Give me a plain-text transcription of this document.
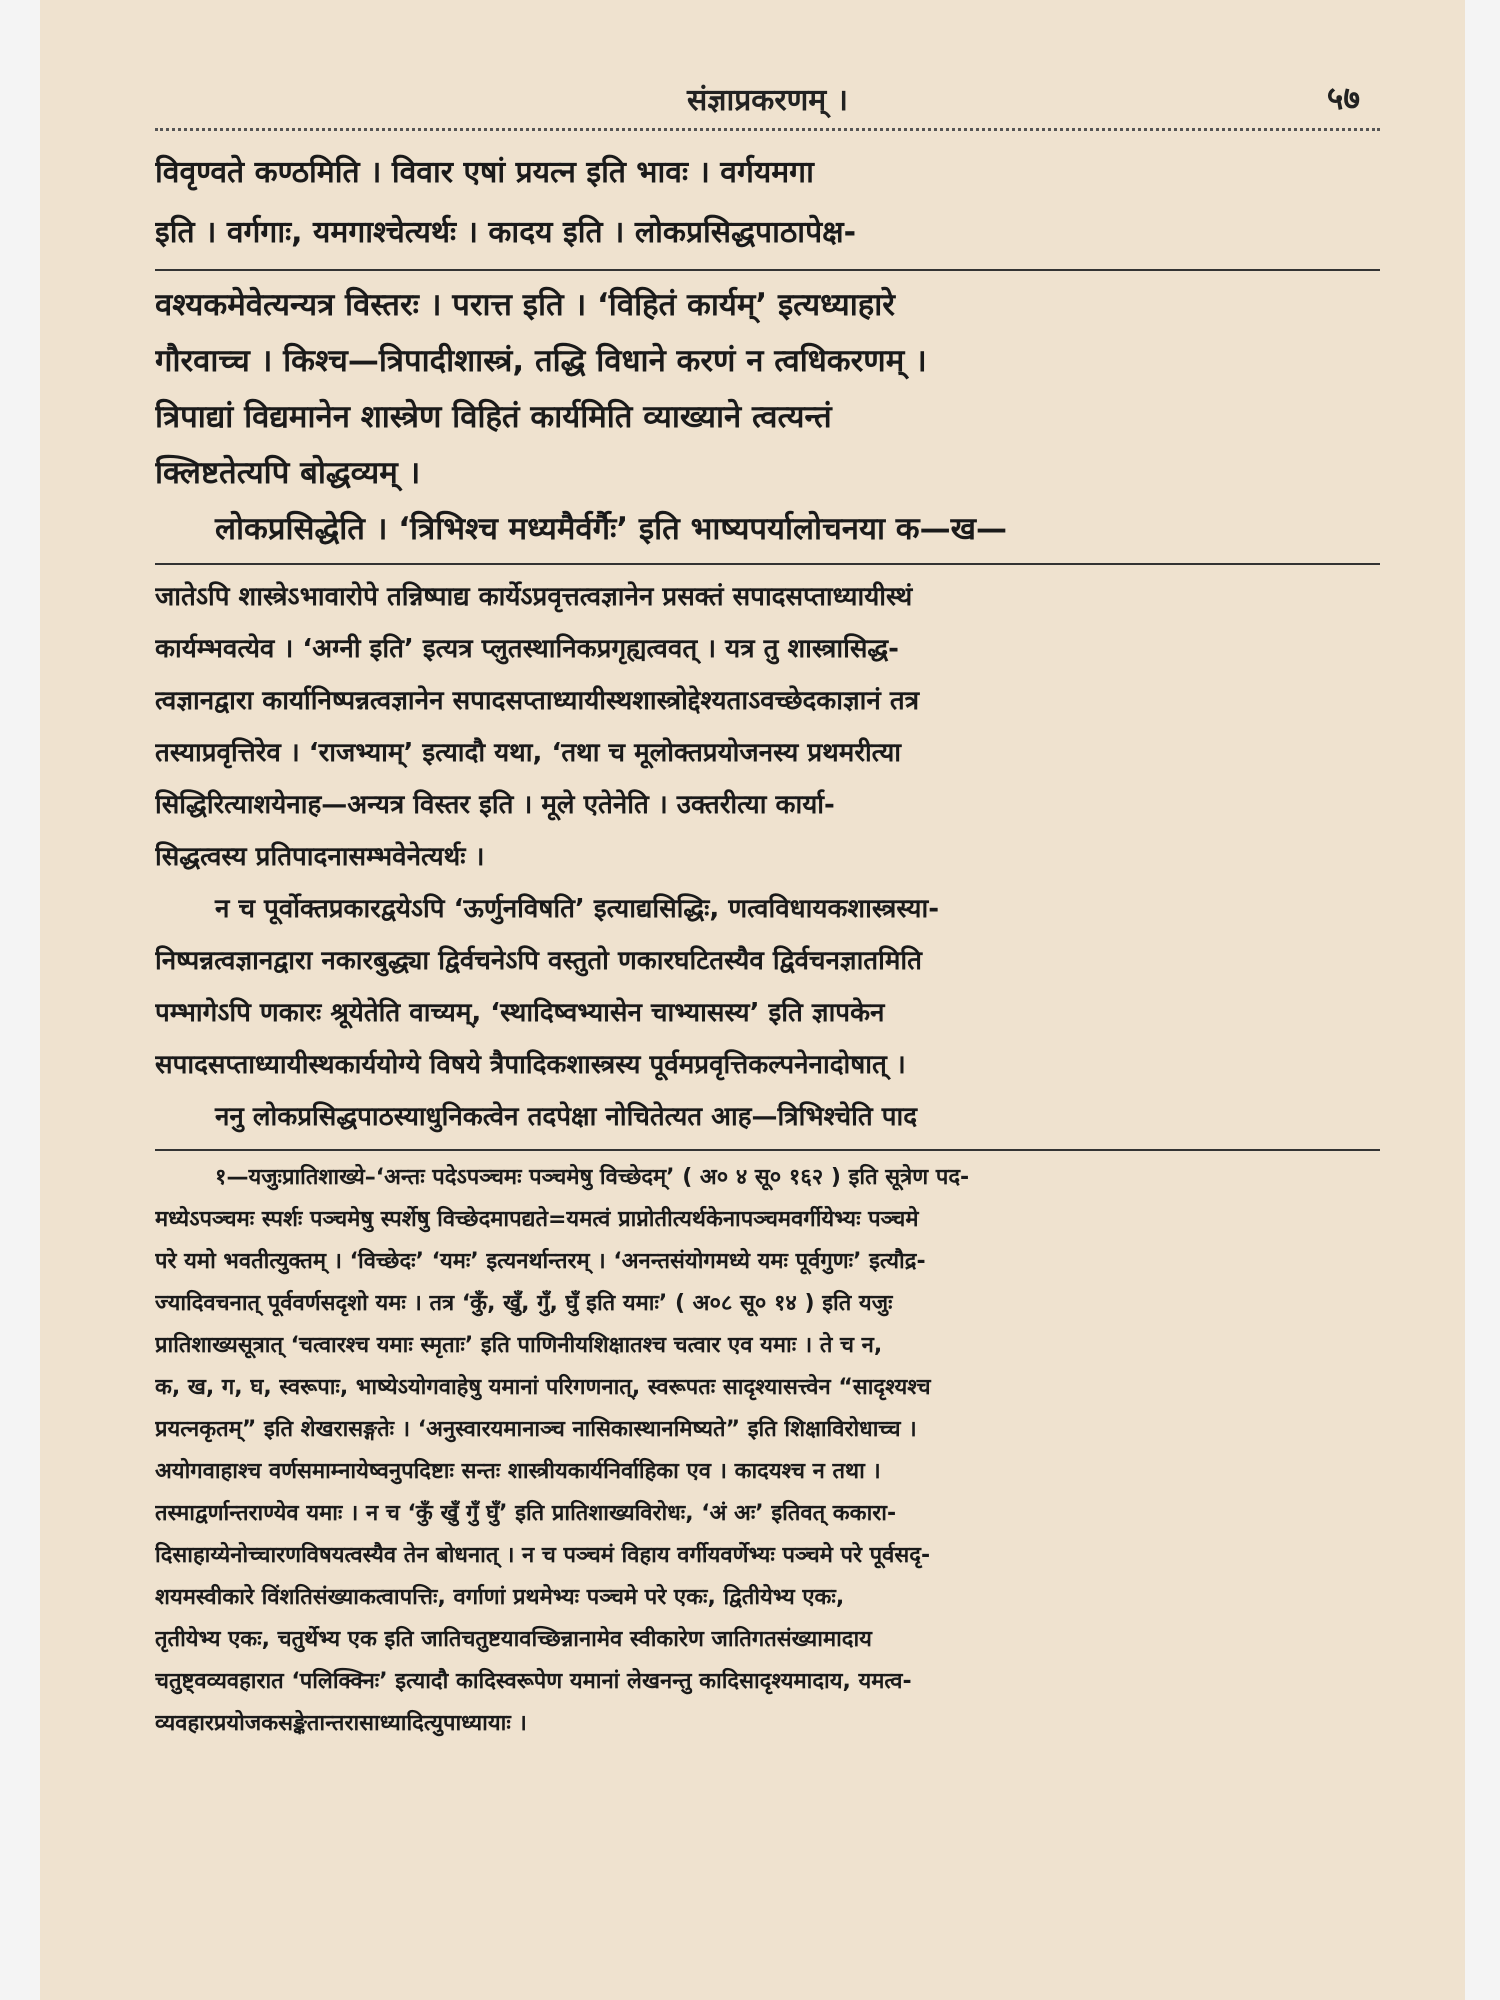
संज्ञाप्रकरणम् ।	५७
विवृण्वते कण्ठमिति । विवार एषां प्रयत्न इति भावः । वर्गयमगा
इति । वर्गगाः, यमगाश्चेत्यर्थः । कादय इति । लोकप्रसिद्धपाठापेक्ष-
वश्यकमेवेत्यन्यत्र विस्तरः । परात्त इति । ‘विहितं कार्यम्’ इत्यध्याहारे
गौरवाच्च । किश्च—त्रिपादीशास्त्रं, तद्धि विधाने करणं न त्वधिकरणम् ।
त्रिपाद्यां विद्यमानेन शास्त्रेण विहितं कार्यमिति व्याख्याने त्वत्यन्तं
क्लिष्टतेत्यपि बोद्धव्यम् ।
लोकप्रसिद्धेति । ‘त्रिभिश्च मध्यमैर्वर्गैः’ इति भाष्यपर्यालोचनया क—ख—
जातेऽपि शास्त्रेऽभावारोपे तन्निष्पाद्य कार्येऽप्रवृत्तत्वज्ञानेन प्रसक्तं सपादसप्ताध्यायीस्थं
कार्यम्भवत्येव । ‘अग्नी इति’ इत्यत्र प्लुतस्थानिकप्रगृह्यत्ववत् । यत्र तु शास्त्रासिद्ध-
त्वज्ञानद्वारा कार्यानिष्पन्नत्वज्ञानेन सपादसप्ताध्यायीस्थशास्त्रोद्देश्यताऽवच्छेदकाज्ञानं तत्र
तस्याप्रवृत्तिरेव । ‘राजभ्याम्’ इत्यादौ यथा, ‘तथा च मूलोक्तप्रयोजनस्य प्रथमरीत्या
सिद्धिरित्याशयेनाह—अन्यत्र विस्तर इति । मूले एतेनेति । उक्तरीत्या कार्या-
सिद्धत्वस्य प्रतिपादनासम्भवेनेत्यर्थः ।
न च पूर्वोक्तप्रकारद्वयेऽपि ‘ऊर्णुनविषति’ इत्याद्यसिद्धिः, णत्वविधायकशास्त्रस्या-
निष्पन्नत्वज्ञानद्वारा नकारबुद्ध्या द्विर्वचनेऽपि वस्तुतो णकारघटितस्यैव द्विर्वचनज्ञातमिति
पम्भागेऽपि णकारः श्रूयेतेति वाच्यम्, ‘स्थादिष्वभ्यासेन चाभ्यासस्य’ इति ज्ञापकेन
सपादसप्ताध्यायीस्थकार्ययोग्ये विषये त्रैपादिकशास्त्रस्य पूर्वमप्रवृत्तिकल्पनेनादोषात् ।
ननु लोकप्रसिद्धपाठस्याधुनिकत्वेन तदपेक्षा नोचितेत्यत आह—त्रिभिश्चेति पाद
१—यजुःप्रातिशाख्ये–‘अन्तः पदेऽपञ्चमः पञ्चमेषु विच्छेदम्’ ( अ० ४ सू० १६२ ) इति सूत्रेण पद-
मध्येऽपञ्चमः स्पर्शः पञ्चमेषु स्पर्शेषु विच्छेदमापद्यते=यमत्वं प्राप्नोतीत्यर्थकेनापञ्चमवर्गीयेभ्यः पञ्चमे
परे यमो भवतीत्युक्तम् । ‘विच्छेदः’ ‘यमः’ इत्यनर्थान्तरम् । ‘अनन्तसंयोगमध्ये यमः पूर्वगुणः’ इत्यौद्र-
ज्यादिवचनात् पूर्ववर्णसदृशो यमः । तत्र ‘कुँ, खुँ, गुँ, घुँ इति यमाः’ ( अ०८ सू० १४ ) इति यजुः
प्रातिशाख्यसूत्रात् ‘चत्वारश्च यमाः स्मृताः’ इति पाणिनीयशिक्षातश्च चत्वार एव यमाः । ते च न,
क, ख, ग, घ, स्वरूपाः, भाष्येऽयोगवाहेषु यमानां परिगणनात्, स्वरूपतः सादृश्यासत्त्वेन “सादृश्यश्च
प्रयत्नकृतम्” इति शेखरासङ्गतेः । ‘अनुस्वारयमानाञ्च नासिकास्थानमिष्यते” इति शिक्षाविरोधाच्च ।
अयोगवाहाश्च वर्णसमाम्नायेष्वनुपदिष्टाः सन्तः शास्त्रीयकार्यनिर्वाहिका एव । कादयश्च न तथा ।
तस्माद्वर्णान्तराण्येव यमाः । न च ‘कुँ खुँ गुँ घुँ’ इति प्रातिशाख्यविरोधः, ‘अं अः’ इतिवत् ककारा-
दिसाहाय्येनोच्चारणविषयत्वस्यैव तेन बोधनात् । न च पञ्चमं विहाय वर्गीयवर्णेभ्यः पञ्चमे परे पूर्वसदृ-
शयमस्वीकारे विंशतिसंख्याकत्वापत्तिः, वर्गाणां प्रथमेभ्यः पञ्चमे परे एकः, द्वितीयेभ्य एकः,
तृतीयेभ्य एकः, चतुर्थेभ्य एक इति जातिचतुष्टयावच्छिन्नानामेव स्वीकारेण जातिगतसंख्यामादाय
चतुष्ट्वव्यवहारात ‘पलिक्क्निः’ इत्यादौ कादिस्वरूपेण यमानां लेखनन्तु कादिसादृश्यमादाय, यमत्व-
व्यवहारप्रयोजकसङ्केतान्तरासाध्यादित्युपाध्यायाः ।
